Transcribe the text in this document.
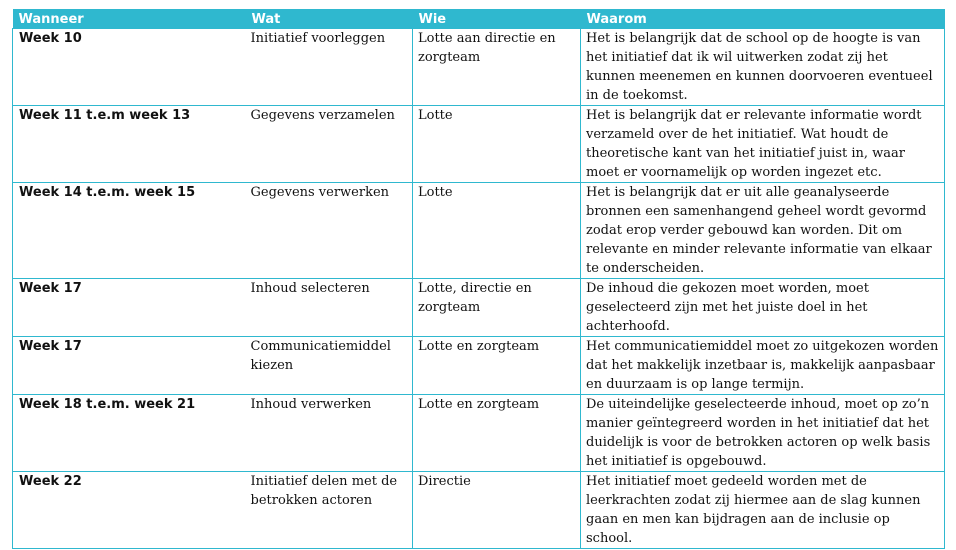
Wanneer	Wat	Wie	Waarom
Week 10	Initiatief voorleggen	Lotte aan directie en zorgteam	Het is belangrijk dat de school op de hoogte is van het initiatief dat ik wil uitwerken zodat zij het kunnen meenemen en kunnen doorvoeren eventueel in de toekomst.
Week 11 t.e.m week 13	Gegevens verzamelen	Lotte	Het is belangrijk dat er relevante informatie wordt verzameld over de het initiatief. Wat houdt de theoretische kant van het initiatief juist in, waar moet er voornamelijk op worden ingezet etc.
Week 14 t.e.m. week 15	Gegevens verwerken	Lotte	Het is belangrijk dat er uit alle geanalyseerde bronnen een samenhangend geheel wordt gevormd zodat erop verder gebouwd kan worden. Dit om relevante en minder relevante informatie van elkaar te onderscheiden.
Week 17	Inhoud selecteren	Lotte, directie en zorgteam	De inhoud die gekozen moet worden, moet geselecteerd zijn met het juiste doel in het achterhoofd.
Week 17	Communicatiemiddel kiezen	Lotte en zorgteam	Het communicatiemiddel moet zo uitgekozen worden dat het makkelijk inzetbaar is, makkelijk aanpasbaar en duurzaam is op lange termijn.
Week 18 t.e.m. week 21	Inhoud verwerken	Lotte en zorgteam	De uiteindelijke geselecteerde inhoud, moet op zo’n manier geïntegreerd worden in het initiatief dat het duidelijk is voor de betrokken actoren op welk basis het initiatief is opgebouwd.
Week 22	Initiatief delen met de betrokken actoren	Directie	Het initiatief moet gedeeld worden met de leerkrachten zodat zij hiermee aan de slag kunnen gaan en men kan bijdragen aan de inclusie op school.
